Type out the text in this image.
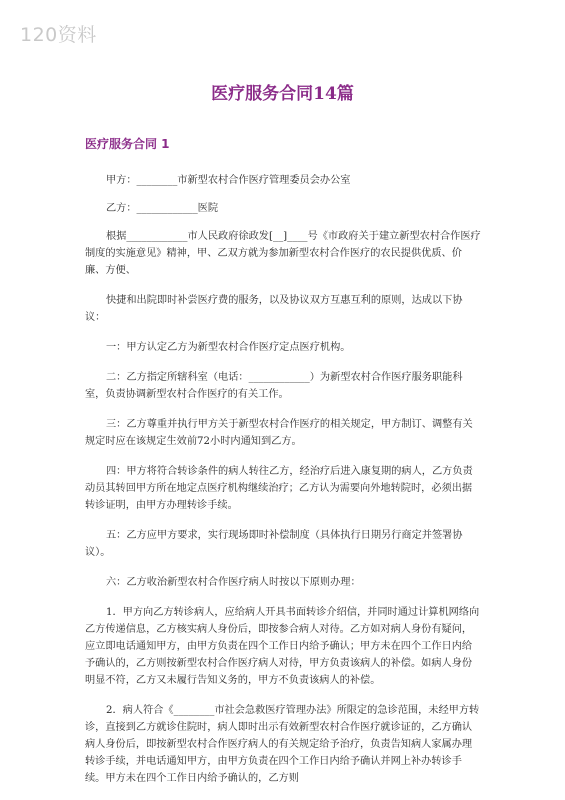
120资料
医疗服务合同14篇
医疗服务合同 1

甲方：________市新型农村合作医疗管理委员会办公室

乙方：____________医院

根据____________市人民政府徐政发[__]____号《市政府关于建立新型农村合作医疗制度的实施意见》精神，甲、乙双方就为参加新型农村合作医疗的农民提供优质、价廉、方便、

快捷和出院即时补尝医疗费的服务，以及协议双方互惠互利的原则，达成以下协议：

一：甲方认定乙方为新型农村合作医疗定点医疗机构。

二：乙方指定所辖科室（电话：____________）为新型农村合作医疗服务职能科室，负责协调新型农村合作医疗的有关工作。

三：乙方尊重并执行甲方关于新型农村合作医疗的相关规定，甲方制订、调整有关规定时应在该规定生效前72小时内通知到乙方。

四：甲方将符合转诊条件的病人转往乙方，经治疗后进入康复期的病人，乙方负责动员其转回甲方所在地定点医疗机构继续治疗；乙方认为需要向外地转院时，必须出据转诊证明，由甲方办理转诊手续。

五：乙方应甲方要求，实行现场即时补偿制度（具体执行日期另行商定并签署协议）。

六：乙方收治新型农村合作医疗病人时按以下原则办理：

1．甲方向乙方转诊病人，应给病人开具书面转诊介绍信，并同时通过计算机网络向乙方传递信息，乙方核实病人身份后，即按参合病人对待。乙方如对病人身份有疑问，应立即电话通知甲方，由甲方负责在四个工作日内给予确认；甲方未在四个工作日内给予确认的，乙方则按新型农村合作医疗病人对待，甲方负责该病人的补偿。如病人身份明显不符，乙方又未履行告知义务的，甲方不负责该病人的补偿。

2．病人符合《________市社会急救医疗管理办法》所限定的急诊范围，未经甲方转诊，直接到乙方就诊住院时，病人即时出示有效新型农村合作医疗就诊证的，乙方确认病人身份后，即按新型农村合作医疗病人的有关规定给予治疗，负责告知病人家属办理转诊手续，并电话通知甲方，由甲方负责在四个工作日内给予确认并网上补办转诊手续。甲方未在四个工作日内给予确认的，乙方则
